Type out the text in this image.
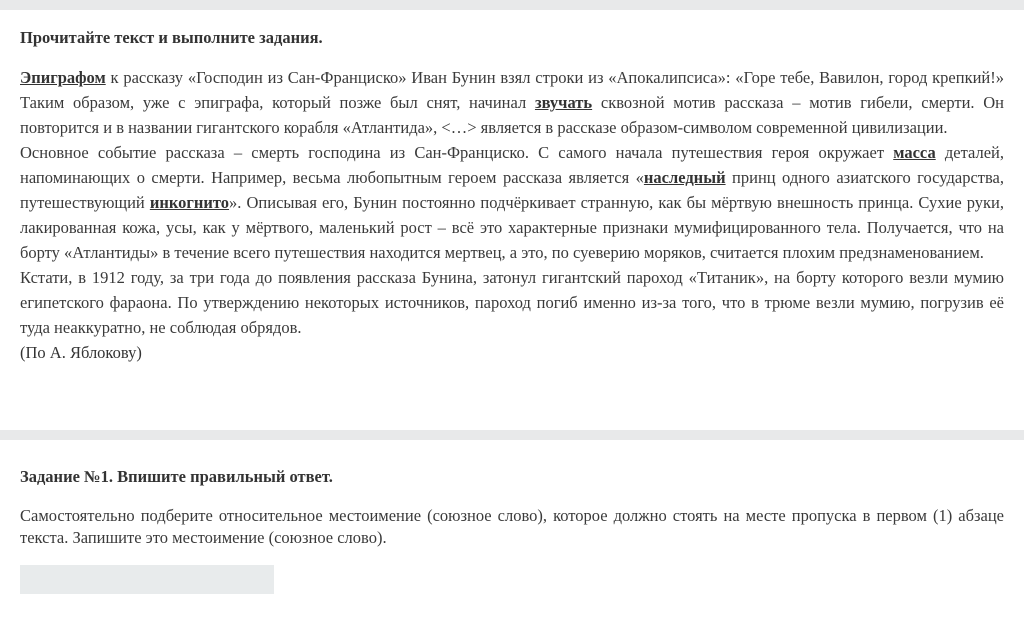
Прочитайте текст и выполните задания.

Эпиграфом к рассказу «Господин из Сан-Франциско» Иван Бунин взял строки из «Апокалипсиса»: «Горе тебе, Вавилон, город крепкий!» Таким образом, уже с эпиграфа, который позже был снят, начинал звучать сквозной мотив рассказа – мотив гибели, смерти. Он повторится и в названии гигантского корабля «Атлантида», <…> является в рассказе образом-символом современной цивилизации.

Основное событие рассказа – смерть господина из Сан-Франциско. С самого начала путешествия героя окружает масса деталей, напоминающих о смерти. Например, весьма любопытным героем рассказа является «наследный принц одного азиатского государства, путешествующий инкогнито». Описывая его, Бунин постоянно подчёркивает странную, как бы мёртвую внешность принца. Сухие руки, лакированная кожа, усы, как у мёртвого, маленький рост – всё это характерные признаки мумифицированного тела. Получается, что на борту «Атлантиды» в течение всего путешествия находится мертвец, а это, по суеверию моряков, считается плохим предзнаменованием.

Кстати, в 1912 году, за три года до появления рассказа Бунина, затонул гигантский пароход «Титаник», на борту которого везли мумию египетского фараона. По утверждению некоторых источников, пароход погиб именно из-за того, что в трюме везли мумию, погрузив её туда неаккуратно, не соблюдая обрядов.

(По А. Яблокову)

Задание №1. Впишите правильный ответ.

Самостоятельно подберите относительное местоимение (союзное слово), которое должно стоять на месте пропуска в первом (1) абзаце текста. Запишите это местоимение (союзное слово).
